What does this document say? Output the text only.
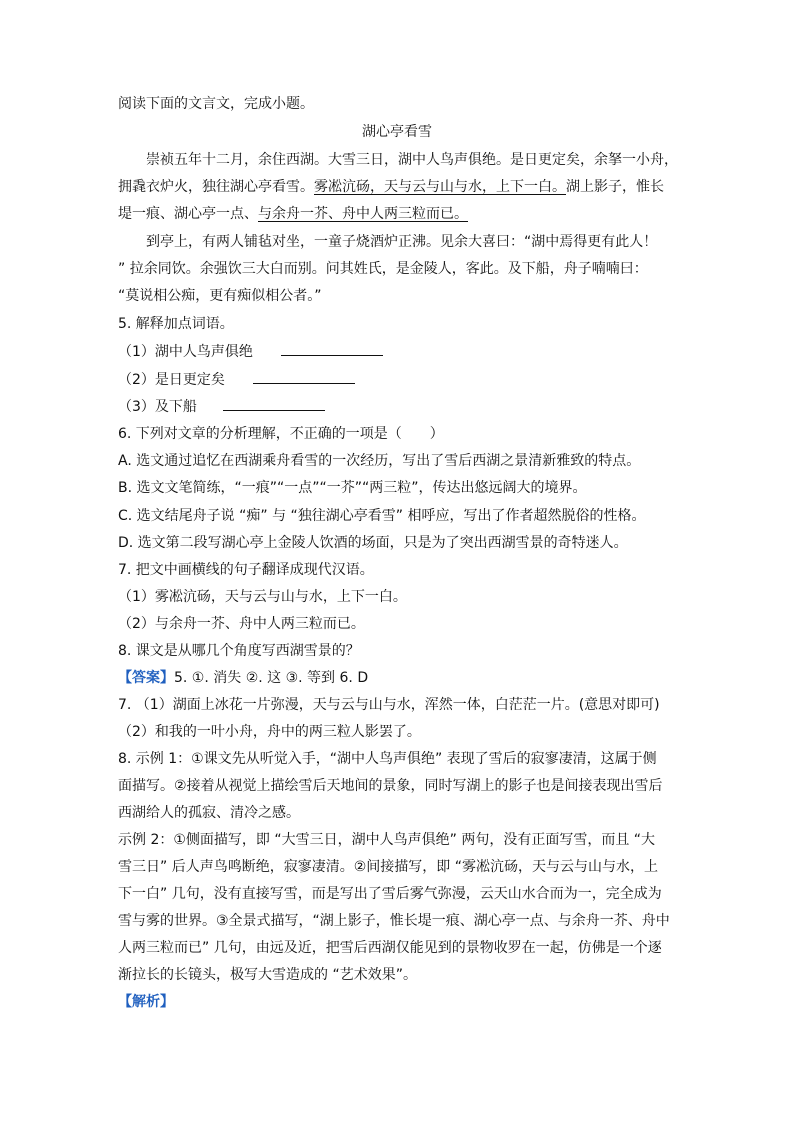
阅读下面的文言文，完成小题。
湖心亭看雪
崇祯五年十二月，余住西湖。大雪三日，湖中人鸟声俱绝。是日更定矣，余拏一小舟，
拥毳衣炉火，独往湖心亭看雪。雾凇沆砀，天与云与山与水，上下一白。湖上影子，惟长
堤一痕、湖心亭一点、与余舟一芥、舟中人两三粒而已。
到亭上，有两人铺毡对坐，一童子烧酒炉正沸。见余大喜曰：“湖中焉得更有此人！
” 拉余同饮。余强饮三大白而别。问其姓氏，是金陵人，客此。及下船，舟子喃喃曰：
“莫说相公痴，更有痴似相公者。”
5. 解释加点词语。
（1）湖中人鸟声俱绝
（2）是日更定矣
（3）及下船
6. 下列对文章的分析理解，不正确的一项是（　　）
A. 选文通过追忆在西湖乘舟看雪的一次经历，写出了雪后西湖之景清新雅致的特点。
B. 选文文笔简练，“一痕”“一点”“一芥”“两三粒”，传达出悠远阔大的境界。
C. 选文结尾舟子说 “痴” 与 “独往湖心亭看雪” 相呼应，写出了作者超然脱俗的性格。
D. 选文第二段写湖心亭上金陵人饮酒的场面，只是为了突出西湖雪景的奇特迷人。
7. 把文中画横线的句子翻译成现代汉语。
（1）雾凇沆砀，天与云与山与水，上下一白。
（2）与余舟一芥、舟中人两三粒而已。
8. 课文是从哪几个角度写西湖雪景的？
【答案】5. ①. 消失 ②. 这 ③. 等到 6. D
7. （1）湖面上冰花一片弥漫，天与云与山与水，浑然一体，白茫茫一片。(意思对即可)
（2）和我的一叶小舟，舟中的两三粒人影罢了。
8. 示例 1：①课文先从听觉入手，“湖中人鸟声俱绝” 表现了雪后的寂寥凄清，这属于侧
面描写。②接着从视觉上描绘雪后天地间的景象，同时写湖上的影子也是间接表现出雪后
西湖给人的孤寂、清冷之感。
示例 2：①侧面描写，即 “大雪三日，湖中人鸟声俱绝” 两句，没有正面写雪，而且 “大
雪三日” 后人声鸟鸣断绝，寂寥凄清。②间接描写，即 “雾凇沆砀，天与云与山与水，上
下一白” 几句，没有直接写雪，而是写出了雪后雾气弥漫，云天山水合而为一，完全成为
雪与雾的世界。③全景式描写，“湖上影子，惟长堤一痕、湖心亭一点、与余舟一芥、舟中
人两三粒而已” 几句，由远及近，把雪后西湖仅能见到的景物收罗在一起，仿佛是一个逐
渐拉长的长镜头，极写大雪造成的 “艺术效果”。
【解析】
